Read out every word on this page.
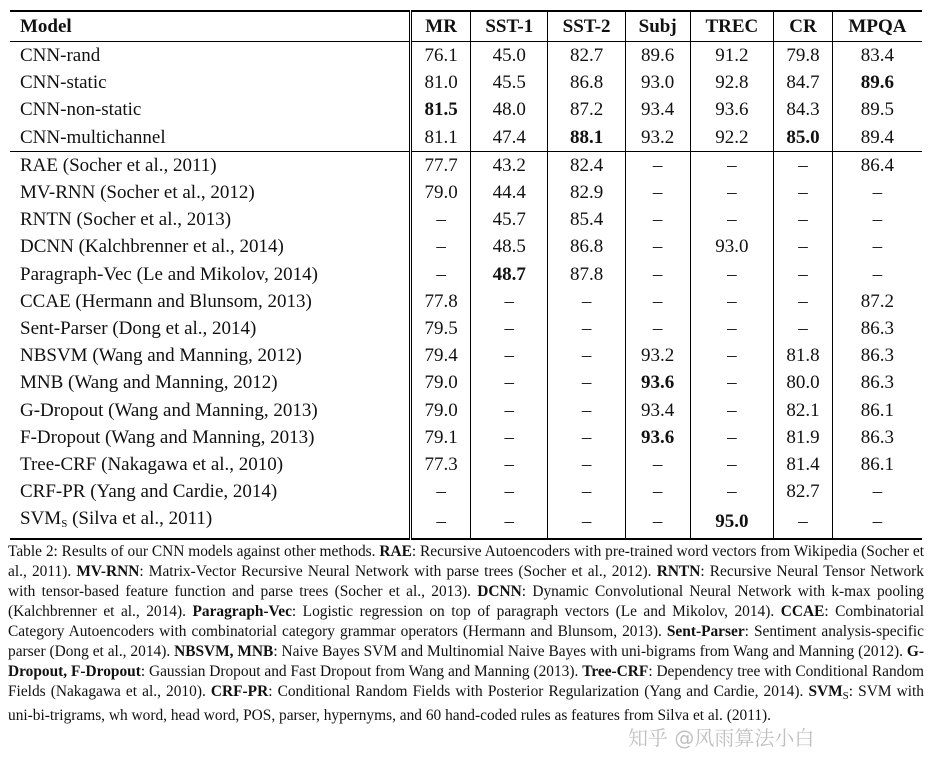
Model	MR	SST-1	SST-2	Subj	TREC	CR	MPQA
CNN-rand	76.1	45.0	82.7	89.6	91.2	79.8	83.4
CNN-static	81.0	45.5	86.8	93.0	92.8	84.7	89.6
CNN-non-static	81.5	48.0	87.2	93.4	93.6	84.3	89.5
CNN-multichannel	81.1	47.4	88.1	93.2	92.2	85.0	89.4
RAE (Socher et al., 2011)	77.7	43.2	82.4	–	–	–	86.4
MV-RNN (Socher et al., 2012)	79.0	44.4	82.9	–	–	–	–
RNTN (Socher et al., 2013)	–	45.7	85.4	–	–	–	–
DCNN (Kalchbrenner et al., 2014)	–	48.5	86.8	–	93.0	–	–
Paragraph-Vec (Le and Mikolov, 2014)	–	48.7	87.8	–	–	–	–
CCAE (Hermann and Blunsom, 2013)	77.8	–	–	–	–	–	87.2
Sent-Parser (Dong et al., 2014)	79.5	–	–	–	–	–	86.3
NBSVM (Wang and Manning, 2012)	79.4	–	–	93.2	–	81.8	86.3
MNB (Wang and Manning, 2012)	79.0	–	–	93.6	–	80.0	86.3
G-Dropout (Wang and Manning, 2013)	79.0	–	–	93.4	–	82.1	86.1
F-Dropout (Wang and Manning, 2013)	79.1	–	–	93.6	–	81.9	86.3
Tree-CRF (Nakagawa et al., 2010)	77.3	–	–	–	–	81.4	86.1
CRF-PR (Yang and Cardie, 2014)	–	–	–	–	–	82.7	–
$SVM_S$ (Silva et al., 2011)	–	–	–	–	95.0	–	–

Table 2: Results of our CNN models against other methods. RAE: Recursive Autoencoders with pre-trained word vectors from Wikipedia (Socher et al., 2011). MV-RNN: Matrix-Vector Recursive Neural Network with parse trees (Socher et al., 2012). RNTN: Recursive Neural Tensor Network with tensor-based feature function and parse trees (Socher et al., 2013). DCNN: Dynamic Convolutional Neural Network with k-max pooling (Kalchbrenner et al., 2014). Paragraph-Vec: Logistic regression on top of paragraph vectors (Le and Mikolov, 2014). CCAE: Combinatorial Category Autoencoders with combinatorial category grammar operators (Hermann and Blunsom, 2013). Sent-Parser: Sentiment analysis-specific parser (Dong et al., 2014). NBSVM, MNB: Naive Bayes SVM and Multinomial Naive Bayes with uni-bigrams from Wang and Manning (2012). G-Dropout, F-Dropout: Gaussian Dropout and Fast Dropout from Wang and Manning (2013). Tree-CRF: Dependency tree with Conditional Random Fields (Nakagawa et al., 2010). CRF-PR: Conditional Random Fields with Posterior Regularization (Yang and Cardie, 2014). $SVM_S$: SVM with uni-bi-trigrams, wh word, head word, POS, parser, hypernyms, and 60 hand-coded rules as features from Silva et al. (2011).

知乎 @风雨算法小白
